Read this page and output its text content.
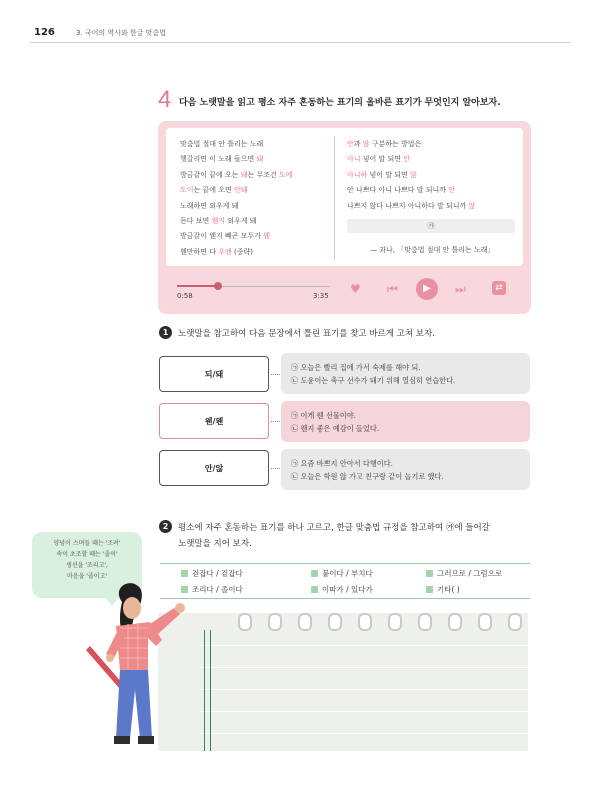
126	3. 국어의 역사와 한글 맞춤법
4 다음 노랫말을 읽고 평소 자주 혼동하는 표기의 올바른 표기가 무엇인지 알아보자.

맞춤법 절대 안 틀리는 노래

헷갈리면 이 노래 들으면 돼

방금같이 끝에 오는 돼는 무조건 도에

도이는 끝에 오면 안돼

노래하면 외우게 돼

듣다 보면 웬지 외우게 돼

방금같이 웬지 빼곤 모두가 웬

웬만하면 다 우엔 (중략)

안과 않 구분하는 방법은

아니 넣어 말 되면 안

아니하 넣어 말 되면 않

안 나쁘다 아니 나쁘다 말 되니까 안

나쁘지 않다 나쁘지 아니하다 말 되니까 않

㉮
— 과나, 「맞춤법 절대 안 틀리는 노래」
0:58	3:35 ♥ ⏮	▶	⏭	⇄
1	노랫말을 참고하여 다음 문장에서 틀린 표기를 찾고 바르게 고쳐 보자.
되/돼
㉠ 오늘은 빨리 집에 가서 숙제를 해야 되.
㉡ 도윤이는 축구 선수가 돼기 위해 열심히 연습한다.
웬/왠
㉠ 이게 웬 선물이야.
㉡ 웬지 좋은 예감이 들었다.
안/않
㉠ 요즘 바쁘지 안아서 다행이다.
㉡ 오늘은 학원 않 가고 친구랑 같이 놀기로 했다.
2	평소에 자주 혼동하는 표기를 하나 고르고, 한글 맞춤법 규정을 참고하여 ㉮에 들어갈
노랫말을 지어 보자.
양념이 스며들 때는 '조려'
속이 초조할 때는 '졸이'
생선을 '조리고',
마음을 '졸이고'	걷잡다 / 겉잡다	붙이다 / 부치다	그러므로 / 그럼으로
조리다 / 졸이다	이따가 / 있다가	기타( )
